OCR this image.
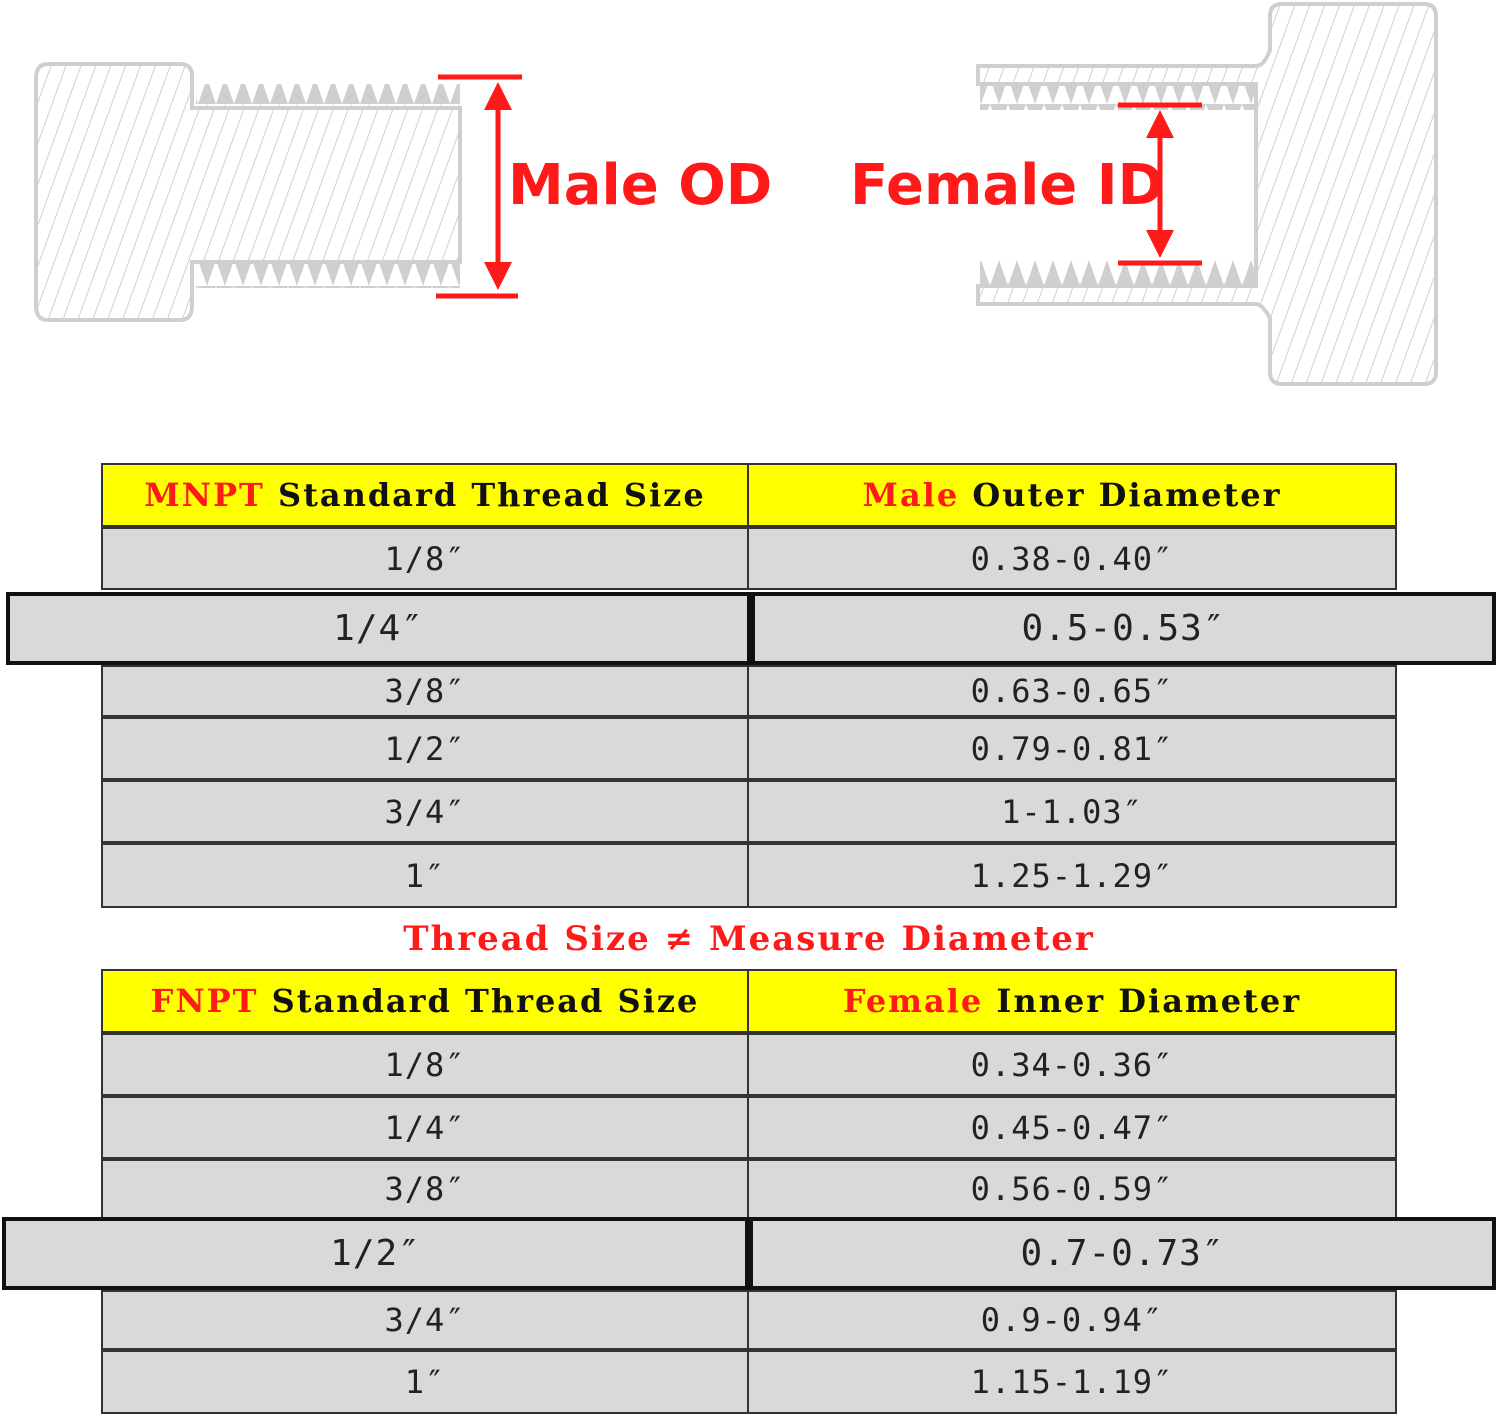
Male OD Female ID
MNPT Standard Thread Size	Male Outer Diameter
1/8″	0.38-0.40″
1/4″	0.5-0.53″
3/8″	0.63-0.65″
1/2″	0.79-0.81″
3/4″	1-1.03″
1″	1.25-1.29″
Thread Size ≠ Measure Diameter
FNPT Standard Thread Size	Female Inner Diameter
1/8″	0.34-0.36″
1/4″	0.45-0.47″
3/8″	0.56-0.59″
1/2″	0.7-0.73″
3/4″	0.9-0.94″
1″	1.15-1.19″
